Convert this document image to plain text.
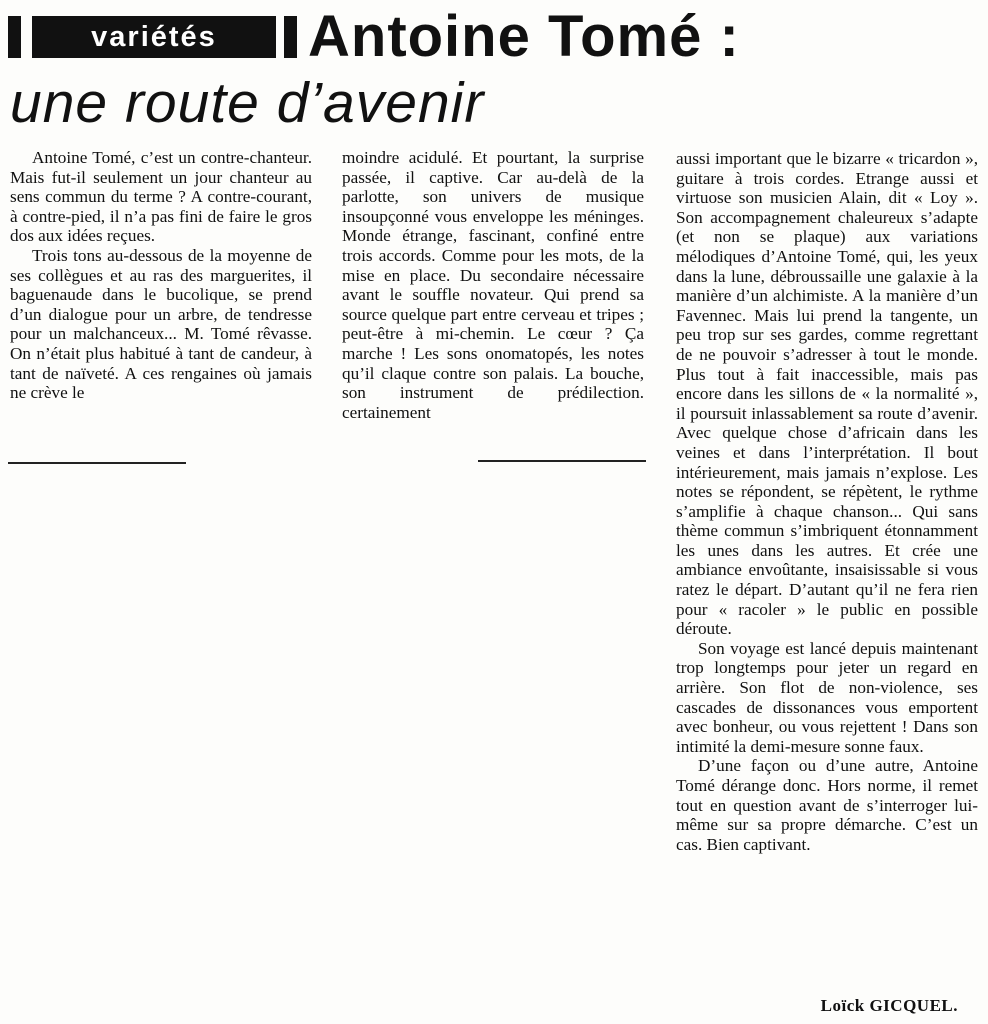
variétés	Antoine Tomé :
une route d’avenir

Antoine Tomé, c’est un contre-chanteur. Mais fut-il seulement un jour chanteur au sens commun du terme ? A contre-courant, à contre-pied, il n’a pas fini de faire le gros dos aux idées reçues.

Trois tons au-dessous de la moyenne de ses collègues et au ras des marguerites, il baguenaude dans le bucolique, se prend d’un dialogue pour un arbre, de tendresse pour un malchanceux... M. Tomé rêvasse. On n’était plus habitué à tant de candeur, à tant de naïveté. A ces rengaines où jamais ne crève le

moindre acidulé. Et pourtant, la surprise passée, il captive. Car au-delà de la parlotte, son univers de musique insoupçonné vous enveloppe les méninges. Monde étrange, fascinant, confiné entre trois accords. Comme pour les mots, de la mise en place. Du secondaire nécessaire avant le souffle novateur. Qui prend sa source quelque part entre cerveau et tripes ; peut-être à mi-chemin. Le cœur ? Ça marche ! Les sons onomatopés, les notes qu’il claque contre son palais. La bouche, son instrument de prédilection. certainement

aussi important que le bizarre « tricardon », guitare à trois cordes. Etrange aussi et virtuose son musicien Alain, dit « Loy ». Son accompagnement chaleureux s’adapte (et non se plaque) aux variations mélodiques d’Antoine Tomé, qui, les yeux dans la lune, débroussaille une galaxie à la manière d’un alchimiste. A la manière d’un Favennec. Mais lui prend la tangente, un peu trop sur ses gardes, comme regrettant de ne pouvoir s’adresser à tout le monde. Plus tout à fait inaccessible, mais pas encore dans les sillons de « la normalité », il poursuit inlassablement sa route d’avenir. Avec quelque chose d’africain dans les veines et dans l’interprétation. Il bout intérieurement, mais jamais n’explose. Les notes se répondent, se répètent, le rythme s’amplifie à chaque chanson... Qui sans thème commun s’imbriquent étonnamment les unes dans les autres. Et crée une ambiance envoûtante, insaisissable si vous ratez le départ. D’autant qu’il ne fera rien pour « racoler » le public en possible déroute.

Son voyage est lancé depuis maintenant trop longtemps pour jeter un regard en arrière. Son flot de non-violence, ses cascades de dissonances vous emportent avec bonheur, ou vous rejettent ! Dans son intimité la demi-mesure sonne faux.

D’une façon ou d’une autre, Antoine Tomé dérange donc. Hors norme, il remet tout en question avant de s’interroger lui-même sur sa propre démarche. C’est un cas. Bien captivant.

Loïck GICQUEL.
